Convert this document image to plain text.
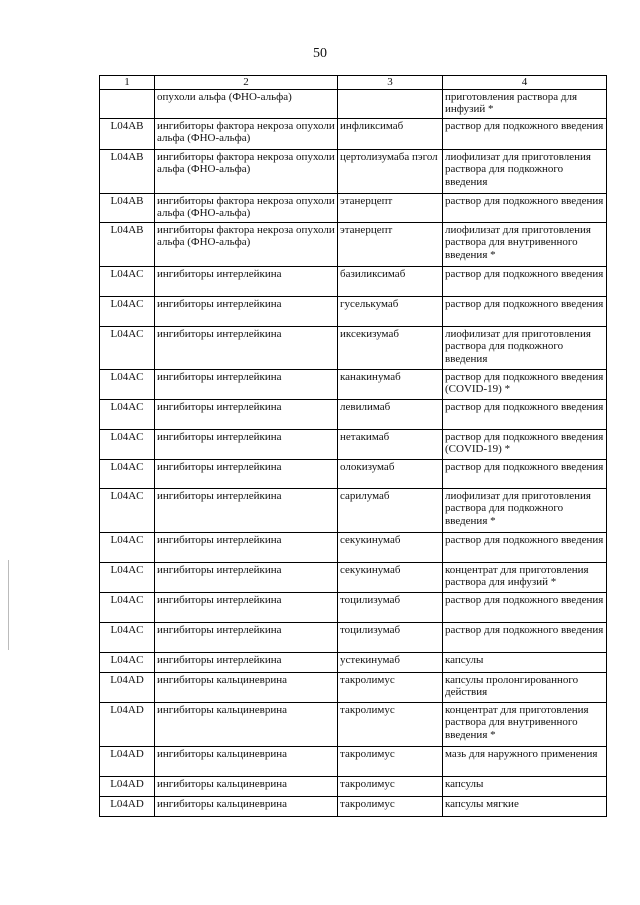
50
1	2	3	4
	опухоли альфа (ФНО-альфа)		приготовления раствора для инфузий *
L04AB	ингибиторы фактора некроза опухоли альфа (ФНО-альфа)	инфликсимаб	раствор для подкожного введения
L04AB	ингибиторы фактора некроза опухоли альфа (ФНО-альфа)	цертолизумаба пэгол	лиофилизат для приготовления раствора для подкожного введения
L04AB	ингибиторы фактора некроза опухоли альфа (ФНО-альфа)	этанерцепт	раствор для подкожного введения
L04AB	ингибиторы фактора некроза опухоли альфа (ФНО-альфа)	этанерцепт	лиофилизат для приготовления раствора для внутривенного введения *
L04AC	ингибиторы интерлейкина	базиликсимаб	раствор для подкожного введения
L04AC	ингибиторы интерлейкина	гуселькумаб	раствор для подкожного введения
L04AC	ингибиторы интерлейкина	иксекизумаб	лиофилизат для приготовления раствора для подкожного введения
L04AC	ингибиторы интерлейкина	канакинумаб	раствор для подкожного введения (COVID-19) *
L04AC	ингибиторы интерлейкина	левилимаб	раствор для подкожного введения
L04AC	ингибиторы интерлейкина	нетакимаб	раствор для подкожного введения (COVID-19) *
L04AC	ингибиторы интерлейкина	олокизумаб	раствор для подкожного введения
L04AC	ингибиторы интерлейкина	сарилумаб	лиофилизат для приготовления раствора для подкожного введения *
L04AC	ингибиторы интерлейкина	секукинумаб	раствор для подкожного введения
L04AC	ингибиторы интерлейкина	секукинумаб	концентрат для приготовления раствора для инфузий *
L04AC	ингибиторы интерлейкина	тоцилизумаб	раствор для подкожного введения
L04AC	ингибиторы интерлейкина	тоцилизумаб	раствор для подкожного введения
L04AC	ингибиторы интерлейкина	устекинумаб	капсулы
L04AD	ингибиторы кальциневрина	такролимус	капсулы пролонгированного действия
L04AD	ингибиторы кальциневрина	такролимус	концентрат для приготовления раствора для внутривенного введения *
L04AD	ингибиторы кальциневрина	такролимус	мазь для наружного применения
L04AD	ингибиторы кальциневрина	такролимус	капсулы
L04AD	ингибиторы кальциневрина	такролимус	капсулы мягкие
